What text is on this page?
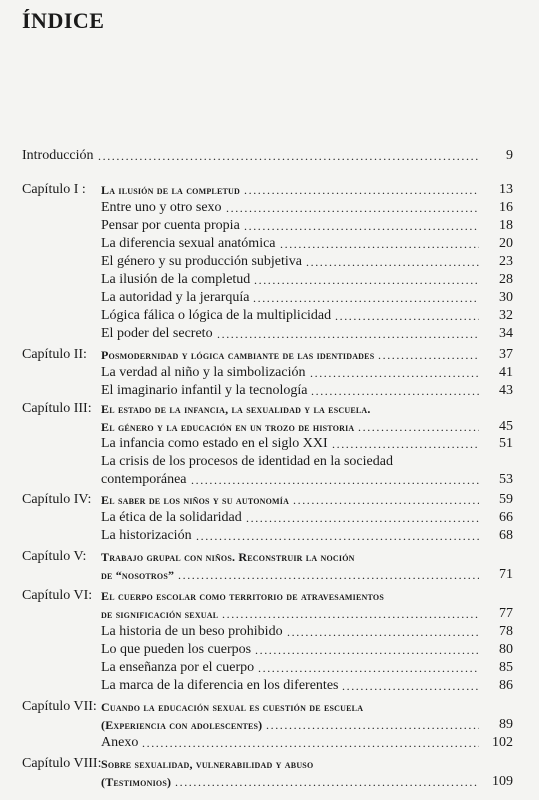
ÍNDICE
Introducción	9
.....
Capítulo I : La ilusión de la completud	13
.....
Entre uno y otro sexo	16
.....
Pensar por cuenta propia	18
.....
La diferencia sexual anatómica	20
.....
El género y su producción subjetiva	23
.....
La ilusión de la completud	28
.....
La autoridad y la jerarquía	30
.....
Lógica fálica o lógica de la multiplicidad	32
.....
El poder del secreto	34
.....
Capítulo II: Posmodernidad y lógica cambiante de las identidades	37
.....
La verdad al niño y la simbolización	41
.....
El imaginario infantil y la tecnología	43
.....
Capítulo III: El estado de la infancia, la sexualidad y la escuela.
El género y la educación en un trozo de historia	45
.....
La infancia como estado en el siglo XXI	51
.....
La crisis de los procesos de identidad en la sociedad
contemporánea	53
.....
Capítulo IV: El saber de los niños y su autonomía	59
.....
La ética de la solidaridad	66
.....
La historización	68
.....
Capítulo V: Trabajo grupal con niños. Reconstruir la noción
de “nosotros”	71
.....
Capítulo VI: El cuerpo escolar como territorio de atravesamientos
de significación sexual	77
.....
La historia de un beso prohibido	78
.....
Lo que pueden los cuerpos	80
.....
La enseñanza por el cuerpo	85
.....
La marca de la diferencia en los diferentes	86
.....
Capítulo VII: Cuando la educación sexual es cuestión de escuela
(Experiencia con adolescentes)	89
.....
Anexo	102
.....
Capítulo VIII: Sobre sexualidad, vulnerabilidad y abuso
(Testimonios)	109
.....
